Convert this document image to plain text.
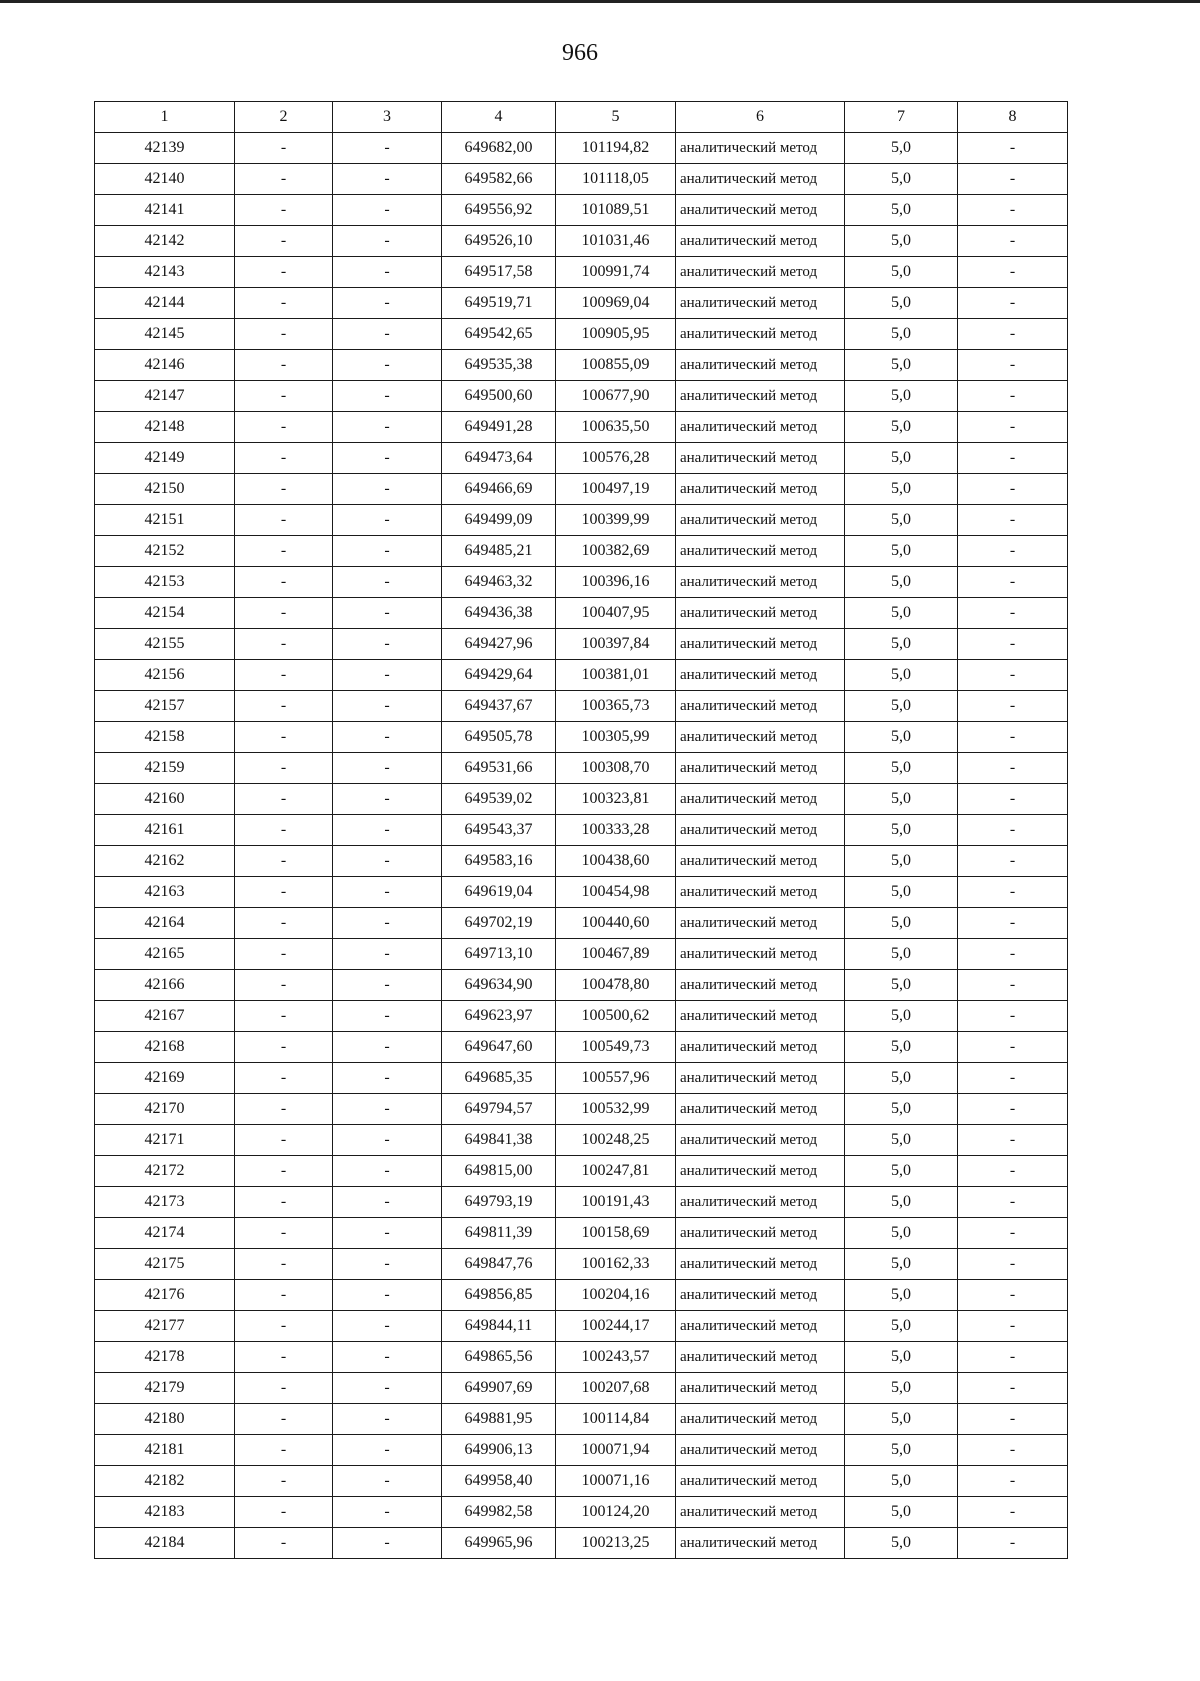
966
1	2	3	4	5	6	7	8
42139	-	-	649682,00	101194,82	аналитический метод	5,0	-
42140	-	-	649582,66	101118,05	аналитический метод	5,0	-
42141	-	-	649556,92	101089,51	аналитический метод	5,0	-
42142	-	-	649526,10	101031,46	аналитический метод	5,0	-
42143	-	-	649517,58	100991,74	аналитический метод	5,0	-
42144	-	-	649519,71	100969,04	аналитический метод	5,0	-
42145	-	-	649542,65	100905,95	аналитический метод	5,0	-
42146	-	-	649535,38	100855,09	аналитический метод	5,0	-
42147	-	-	649500,60	100677,90	аналитический метод	5,0	-
42148	-	-	649491,28	100635,50	аналитический метод	5,0	-
42149	-	-	649473,64	100576,28	аналитический метод	5,0	-
42150	-	-	649466,69	100497,19	аналитический метод	5,0	-
42151	-	-	649499,09	100399,99	аналитический метод	5,0	-
42152	-	-	649485,21	100382,69	аналитический метод	5,0	-
42153	-	-	649463,32	100396,16	аналитический метод	5,0	-
42154	-	-	649436,38	100407,95	аналитический метод	5,0	-
42155	-	-	649427,96	100397,84	аналитический метод	5,0	-
42156	-	-	649429,64	100381,01	аналитический метод	5,0	-
42157	-	-	649437,67	100365,73	аналитический метод	5,0	-
42158	-	-	649505,78	100305,99	аналитический метод	5,0	-
42159	-	-	649531,66	100308,70	аналитический метод	5,0	-
42160	-	-	649539,02	100323,81	аналитический метод	5,0	-
42161	-	-	649543,37	100333,28	аналитический метод	5,0	-
42162	-	-	649583,16	100438,60	аналитический метод	5,0	-
42163	-	-	649619,04	100454,98	аналитический метод	5,0	-
42164	-	-	649702,19	100440,60	аналитический метод	5,0	-
42165	-	-	649713,10	100467,89	аналитический метод	5,0	-
42166	-	-	649634,90	100478,80	аналитический метод	5,0	-
42167	-	-	649623,97	100500,62	аналитический метод	5,0	-
42168	-	-	649647,60	100549,73	аналитический метод	5,0	-
42169	-	-	649685,35	100557,96	аналитический метод	5,0	-
42170	-	-	649794,57	100532,99	аналитический метод	5,0	-
42171	-	-	649841,38	100248,25	аналитический метод	5,0	-
42172	-	-	649815,00	100247,81	аналитический метод	5,0	-
42173	-	-	649793,19	100191,43	аналитический метод	5,0	-
42174	-	-	649811,39	100158,69	аналитический метод	5,0	-
42175	-	-	649847,76	100162,33	аналитический метод	5,0	-
42176	-	-	649856,85	100204,16	аналитический метод	5,0	-
42177	-	-	649844,11	100244,17	аналитический метод	5,0	-
42178	-	-	649865,56	100243,57	аналитический метод	5,0	-
42179	-	-	649907,69	100207,68	аналитический метод	5,0	-
42180	-	-	649881,95	100114,84	аналитический метод	5,0	-
42181	-	-	649906,13	100071,94	аналитический метод	5,0	-
42182	-	-	649958,40	100071,16	аналитический метод	5,0	-
42183	-	-	649982,58	100124,20	аналитический метод	5,0	-
42184	-	-	649965,96	100213,25	аналитический метод	5,0	-
